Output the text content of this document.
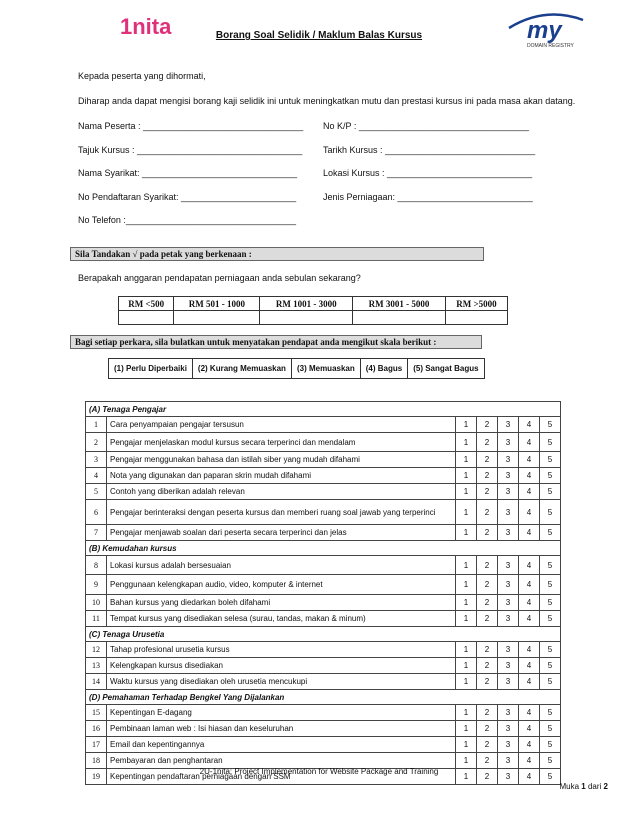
1nita	my
DOMAIN REGISTRY
Borang Soal Selidik / Maklum Balas Kursus
Kepada peserta yang dihormati,
Diharap anda dapat mengisi borang kaji selidik ini untuk meningkatkan mutu dan prestasi kursus ini pada masa akan datang.
Nama Peserta : ________________________________ No K/P : __________________________________
Tajuk Kursus : _________________________________ Tarikh Kursus : ______________________________
Nama Syarikat: _______________________________	Lokasi Kursus : _____________________________
No Pendaftaran Syarikat: _______________________	Jenis Perniagaan: ___________________________
No Telefon :__________________________________
Sila Tandakan √ pada petak yang berkenaan :
Berapakah anggaran pendapatan perniagaan anda sebulan sekarang?
RM <500	RM 501 - 1000	RM 1001 - 3000	RM 3001 - 5000	RM >5000

Bagi setiap perkara, sila bulatkan untuk menyatakan pendapat anda mengikut skala berikut :
(1) Perlu Diperbaiki	(2) Kurang Memuaskan	(3) Memuaskan	(4) Bagus	(5) Sangat Bagus
(A) Tenaga Pengajar						
1	Cara penyampaian pengajar tersusun	1	2	3	4	5
2	Pengajar menjelaskan modul kursus secara terperinci dan mendalam	1	2	3	4	5
3	Pengajar menggunakan bahasa dan istilah siber yang mudah difahami	1	2	3	4	5
4	Nota yang digunakan dan paparan skrin mudah difahami	1	2	3	4	5
5	Contoh yang diberikan adalah relevan	1	2	3	4	5
6	Pengajar berinteraksi dengan peserta kursus dan memberi ruang soal jawab yang terperinci	1	2	3	4	5
7	Pengajar menjawab soalan dari peserta secara terperinci dan jelas	1	2	3	4	5
(B) Kemudahan kursus						
8	Lokasi kursus adalah bersesuaian	1	2	3	4	5
9	Penggunaan kelengkapan audio, video, komputer & internet	1	2	3	4	5
10	Bahan kursus yang diedarkan boleh difahami	1	2	3	4	5
11	Tempat kursus yang disediakan selesa (surau, tandas, makan & minum)	1	2	3	4	5
(C) Tenaga Urusetia						
12	Tahap profesional urusetia kursus	1	2	3	4	5
13	Kelengkapan kursus disediakan	1	2	3	4	5
14	Waktu kursus yang disediakan oleh urusetia mencukupi	1	2	3	4	5
(D) Pemahaman Terhadap Bengkel Yang Dijalankan						
15	Kepentingan E-dagang	1	2	3	4	5
16	Pembinaan laman web : Isi hiasan dan keseluruhan	1	2	3	4	5
17	Email dan kepentingannya	1	2	3	4	5
18	Pembayaran dan penghantaran	1	2	3	4	5
19	Kepentingan pendaftaran perniagaan dengan SSM	1	2	3	4	5
2U-1nita: Project Implementation for Website Package and Training
Muka 1 dari 2
